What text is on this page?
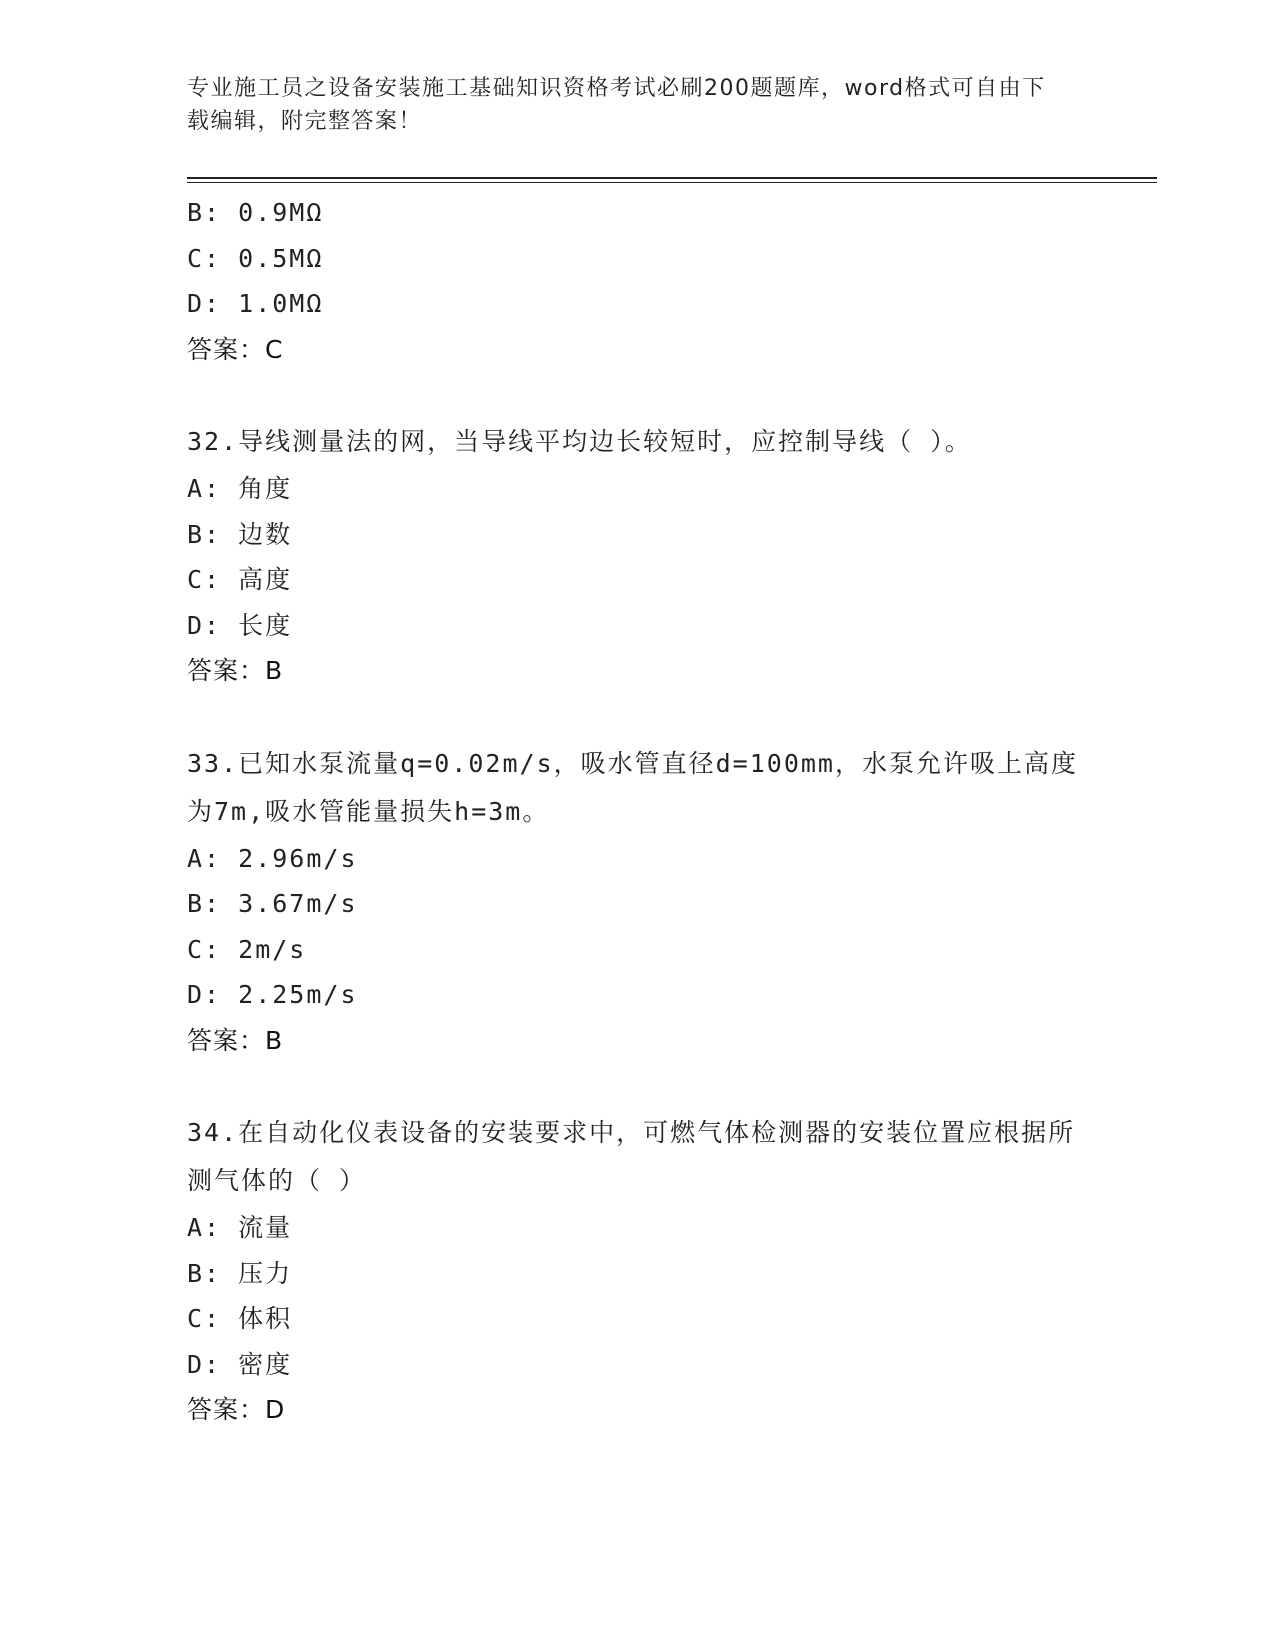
专业施工员之设备安装施工基础知识资格考试必刷200题题库，word格式可自由下载编辑，附完整答案！
B: 0.9MΩ
C: 0.5MΩ
D: 1.0MΩ
答案：C
32.导线测量法的网，当导线平均边长较短时，应控制导线（ ）。
A: 角度
B: 边数
C: 高度
D: 长度
答案：B
33.已知水泵流量q=0.02m/s，吸水管直径d=100mm，水泵允许吸上高度为7m,吸水管能量损失h=3m。
A: 2.96m/s
B: 3.67m/s
C: 2m/s
D: 2.25m/s
答案：B
34.在自动化仪表设备的安装要求中，可燃气体检测器的安装位置应根据所测气体的（ ）
A: 流量
B: 压力
C: 体积
D: 密度
答案：D
